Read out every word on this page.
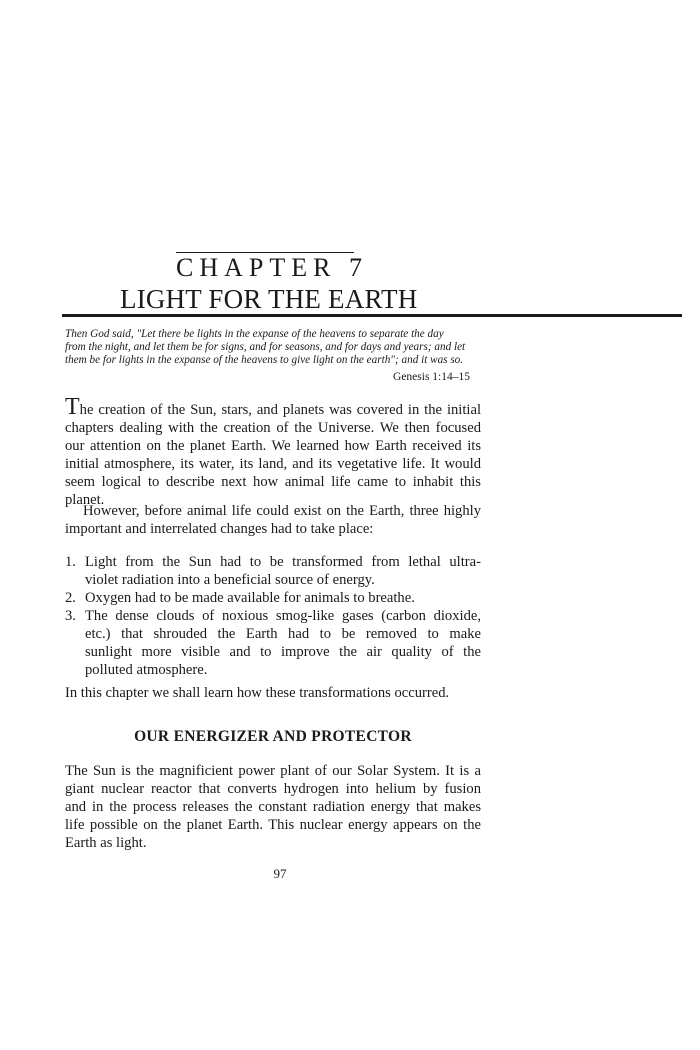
CHAPTER 7
LIGHT FOR THE EARTH
Then God said, "Let there be lights in the expanse of the heavens to separate the day
from the night, and let them be for signs, and for seasons, and for days and years; and let
them be for lights in the expanse of the heavens to give light on the earth"; and it was so.
Genesis 1:14–15
The creation of the Sun, stars, and planets was covered in the initial
chapters dealing with the creation of the Universe. We then focused
our attention on the planet Earth. We learned how Earth received its
initial atmosphere, its water, its land, and its vegetative life. It would
seem logical to describe next how animal life came to inhabit this
planet.
However, before animal life could exist on the Earth, three highly
important and interrelated changes had to take place:
1. Light from the Sun had to be transformed from lethal ultra-
violet radiation into a beneficial source of energy.
2. Oxygen had to be made available for animals to breathe.
3. The dense clouds of noxious smog-like gases (carbon dioxide,
etc.) that shrouded the Earth had to be removed to make
sunlight more visible and to improve the air quality of the
polluted atmosphere.
In this chapter we shall learn how these transformations occurred.
OUR ENERGIZER AND PROTECTOR
The Sun is the magnificient power plant of our Solar System. It is a
giant nuclear reactor that converts hydrogen into helium by fusion
and in the process releases the constant radiation energy that makes
life possible on the planet Earth. This nuclear energy appears on the
Earth as light.
97
